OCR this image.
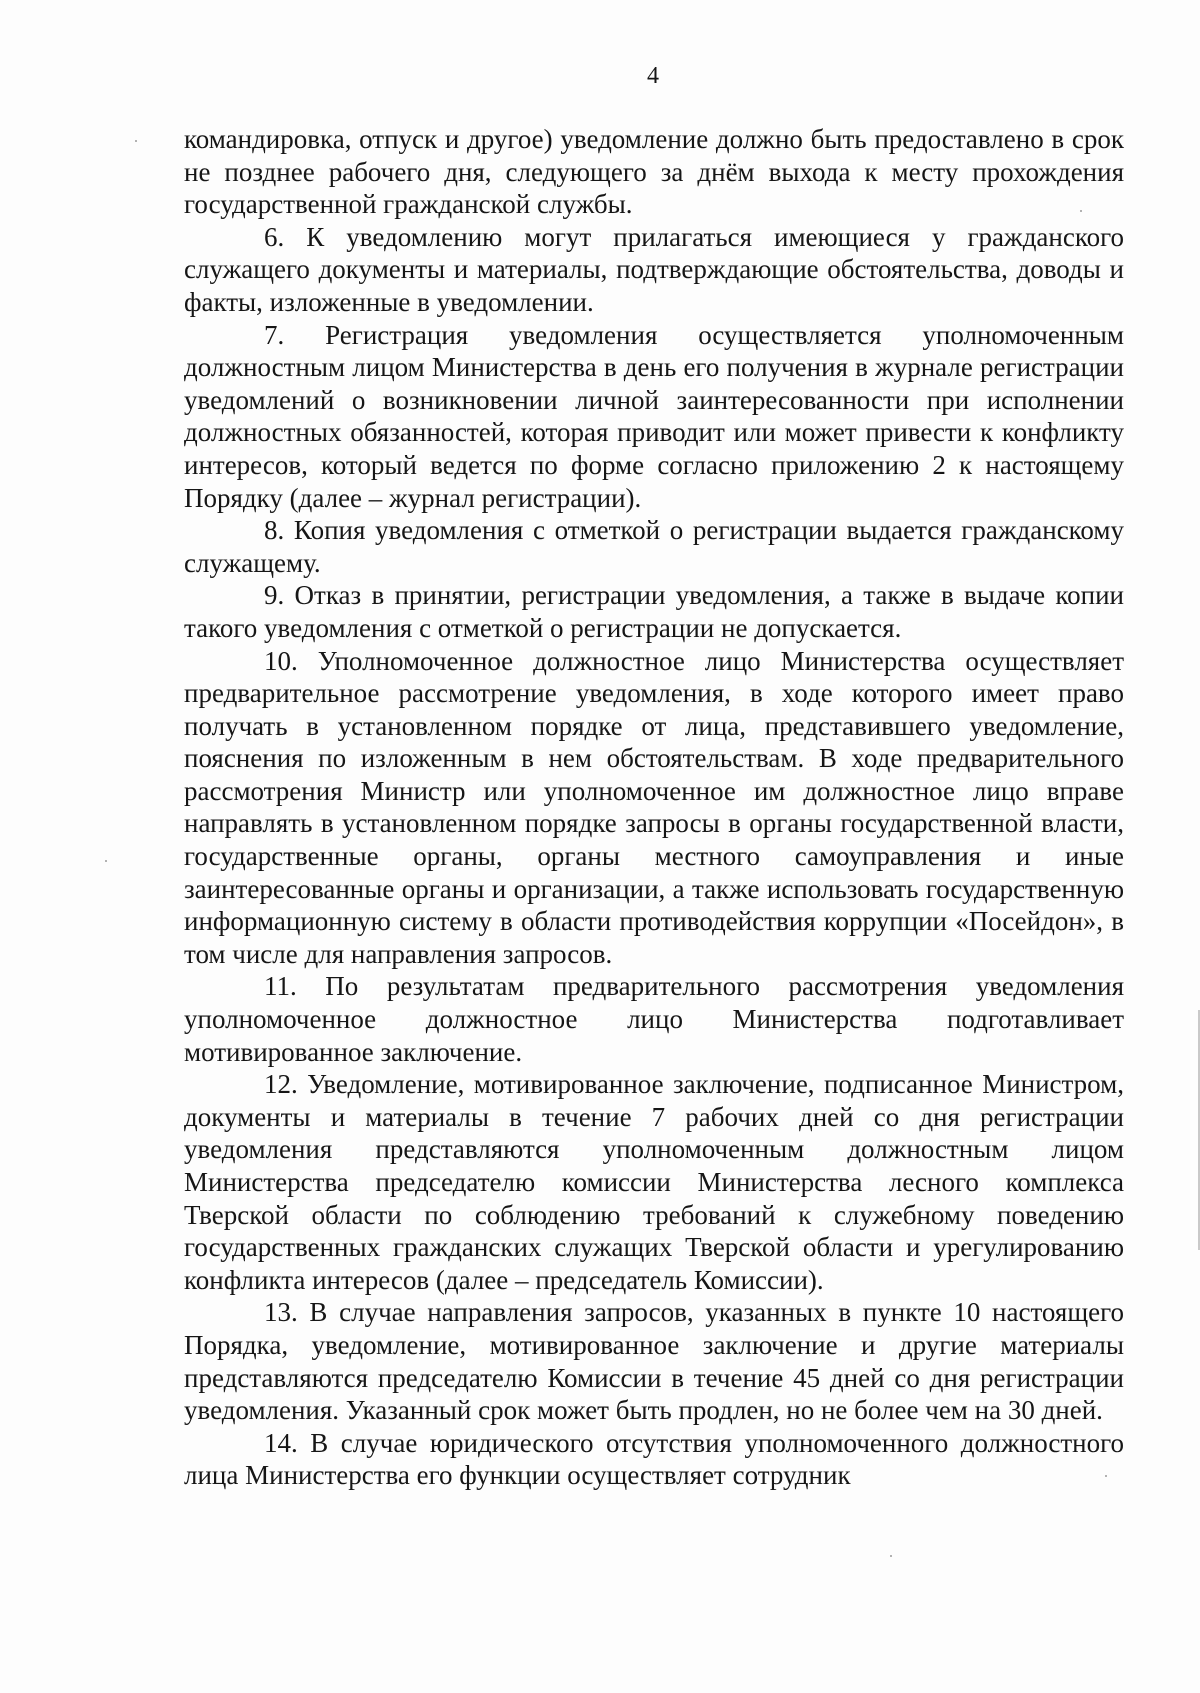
4

командировка, отпуск и другое) уведомление должно быть предоставлено в срок не позднее рабочего дня, следующего за днём выхода к месту прохождения государственной гражданской службы.

6. К уведомлению могут прилагаться имеющиеся у гражданского служащего документы и материалы, подтверждающие обстоятельства, доводы и факты, изложенные в уведомлении.

7. Регистрация уведомления осуществляется уполномоченным должностным лицом Министерства в день его получения в журнале регистрации уведомлений о возникновении личной заинтересованности при исполнении должностных обязанностей, которая приводит или может привести к конфликту интересов, который ведется по форме согласно приложению 2 к настоящему Порядку (далее – журнал регистрации).

8. Копия уведомления с отметкой о регистрации выдается гражданскому служащему.

9. Отказ в принятии, регистрации уведомления, а также в выдаче копии такого уведомления с отметкой о регистрации не допускается.

10. Уполномоченное должностное лицо Министерства осуществляет предварительное рассмотрение уведомления, в ходе которого имеет право получать в установленном порядке от лица, представившего уведомление, пояснения по изложенным в нем обстоятельствам. В ходе предварительного рассмотрения Министр или уполномоченное им должностное лицо вправе направлять в установленном порядке запросы в органы государственной власти, государственные органы, органы местного самоуправления и иные заинтересованные органы и организации, а также использовать государственную информационную систему в области противодействия коррупции «Посейдон», в том числе для направления запросов.

11. По результатам предварительного рассмотрения уведомления уполномоченное должностное лицо Министерства подготавливает мотивированное заключение.

12. Уведомление, мотивированное заключение, подписанное Министром, документы и материалы в течение 7 рабочих дней со дня регистрации уведомления представляются уполномоченным должностным лицом Министерства председателю комиссии Министерства лесного комплекса Тверской области по соблюдению требований к служебному поведению государственных гражданских служащих Тверской области и урегулированию конфликта интересов (далее – председатель Комиссии).

13. В случае направления запросов, указанных в пункте 10 настоящего Порядка, уведомление, мотивированное заключение и другие материалы представляются председателю Комиссии в течение 45 дней со дня регистрации уведомления. Указанный срок может быть продлен, но не более чем на 30 дней.

14. В случае юридического отсутствия уполномоченного должностного лица Министерства его функции осуществляет сотрудник
